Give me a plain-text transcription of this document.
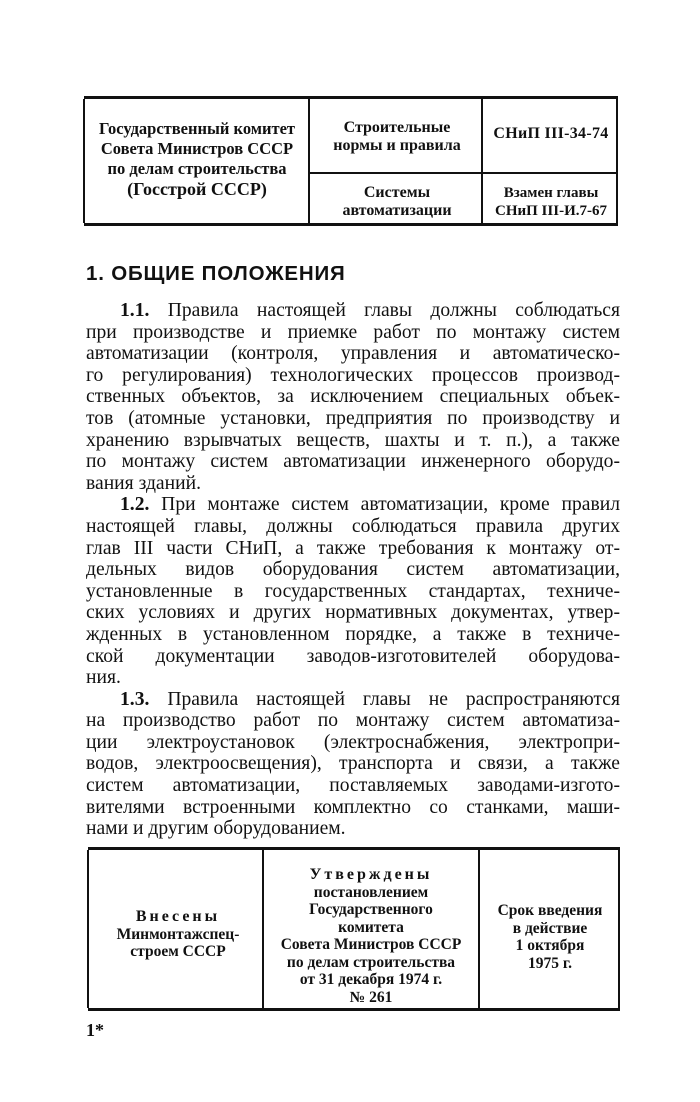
Государственный комитет
Совета Министров СССР
по делам строительства
(Госстрой СССР)
Строительные
нормы и правила
СНиП III-34-74
Системы
автоматизации
Взамен главы
СНиП III-И.7-67
1. ОБЩИЕ ПОЛОЖЕНИЯ
1.1. Правила настоящей главы должны соблюдаться
при производстве и приемке работ по монтажу систем
автоматизации (контроля, управления и автоматическо-
го регулирования) технологических процессов производ-
ственных объектов, за исключением специальных объек-
тов (атомные установки, предприятия по производству и
хранению взрывчатых веществ, шахты и т. п.), а также
по монтажу систем автоматизации инженерного оборудо-
вания зданий.
1.2. При монтаже систем автоматизации, кроме правил
настоящей главы, должны соблюдаться правила других
глав III части СНиП, а также требования к монтажу от-
дельных видов оборудования систем автоматизации,
установленные в государственных стандартах, техниче-
ских условиях и других нормативных документах, утвер-
жденных в установленном порядке, а также в техниче-
ской документации заводов-изготовителей оборудова-
ния.
1.3. Правила настоящей главы не распространяются
на производство работ по монтажу систем автоматиза-
ции электроустановок (электроснабжения, электропри-
водов, электроосвещения), транспорта и связи, а также
систем автоматизации, поставляемых заводами-изгото-
вителями встроенными комплектно со станками, маши-
нами и другим оборудованием.
Внесены
Минмонтажспец-
строем СССР
Утверждены
постановлением
Государственного
комитета
Совета Министров СССР
по делам строительства
от 31 декабря 1974 г.
№ 261
Срок введения
в действие
1 октября
1975 г.
1*
